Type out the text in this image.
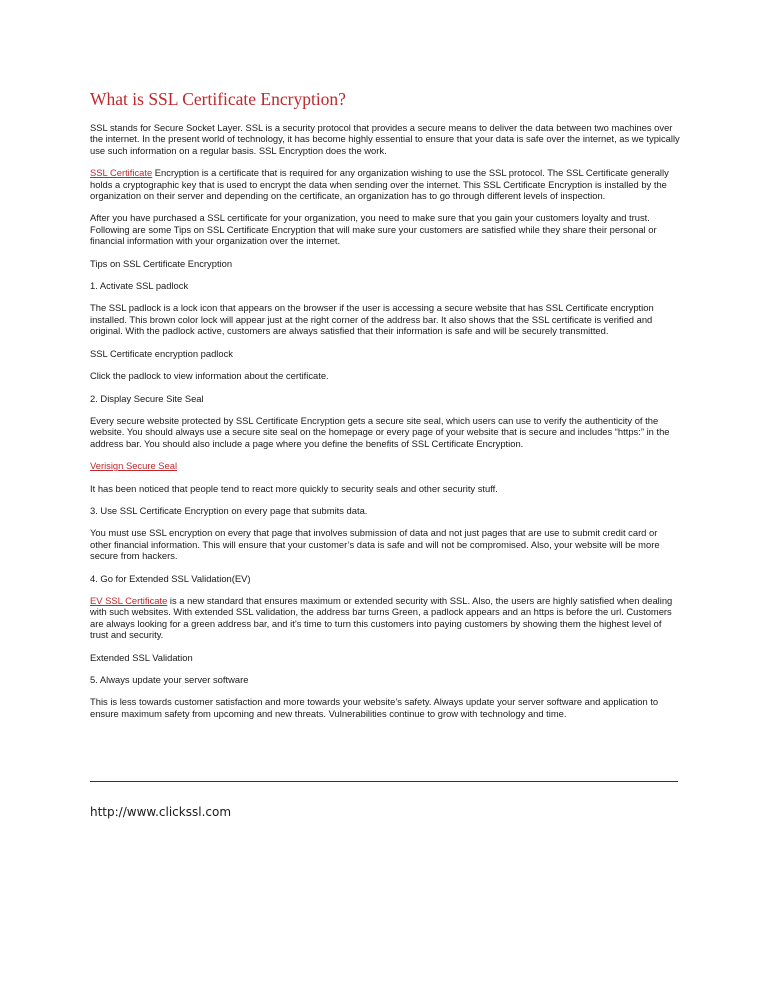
What is SSL Certificate Encryption?

SSL stands for Secure Socket Layer. SSL is a security protocol that provides a secure means to deliver the data between two machines over the internet. In the present world of technology, it has become highly essential to ensure that your data is safe over the internet, as we typically use such information on a regular basis. SSL Encryption does the work.

SSL Certificate Encryption is a certificate that is required for any organization wishing to use the SSL protocol. The SSL Certificate generally holds a cryptographic key that is used to encrypt the data when sending over the internet. This SSL Certificate Encryption is installed by the organization on their server and depending on the certificate, an organization has to go through different levels of inspection.

After you have purchased a SSL certificate for your organization, you need to make sure that you gain your customers loyalty and trust. Following are some Tips on SSL Certificate Encryption that will make sure your customers are satisfied while they share their personal or financial information with your organization over the internet.

Tips on SSL Certificate Encryption

1. Activate SSL padlock

The SSL padlock is a lock icon that appears on the browser if the user is accessing a secure website that has SSL Certificate encryption installed. This brown color lock will appear just at the right corner of the address bar. It also shows that the SSL certificate is verified and original. With the padlock active, customers are always satisfied that their information is safe and will be securely transmitted.

SSL Certificate encryption padlock

Click the padlock to view information about the certificate.

2. Display Secure Site Seal

Every secure website protected by SSL Certificate Encryption gets a secure site seal, which users can use to verify the authenticity of the website. You should always use a secure site seal on the homepage or every page of your website that is secure and includes “https:” in the address bar. You should also include a page where you define the benefits of SSL Certificate Encryption.

Verisign Secure Seal

It has been noticed that people tend to react more quickly to security seals and other security stuff.

3. Use SSL Certificate Encryption on every page that submits data.

You must use SSL encryption on every that page that involves submission of data and not just pages that are use to submit credit card or other financial information. This will ensure that your customer’s data is safe and will not be compromised. Also, your website will be more secure from hackers.

4. Go for Extended SSL Validation(EV)

EV SSL Certificate is a new standard that ensures maximum or extended security with SSL. Also, the users are highly satisfied when dealing with such websites. With extended SSL validation, the address bar turns Green, a padlock appears and an https is before the url. Customers are always looking for a green address bar, and it’s time to turn this customers into paying customers by showing them the highest level of trust and security.

Extended SSL Validation

5. Always update your server software

This is less towards customer satisfaction and more towards your website’s safety. Always update your server software and application to ensure maximum safety from upcoming and new threats. Vulnerabilities continue to grow with technology and time.

http://www.clickssl.com
